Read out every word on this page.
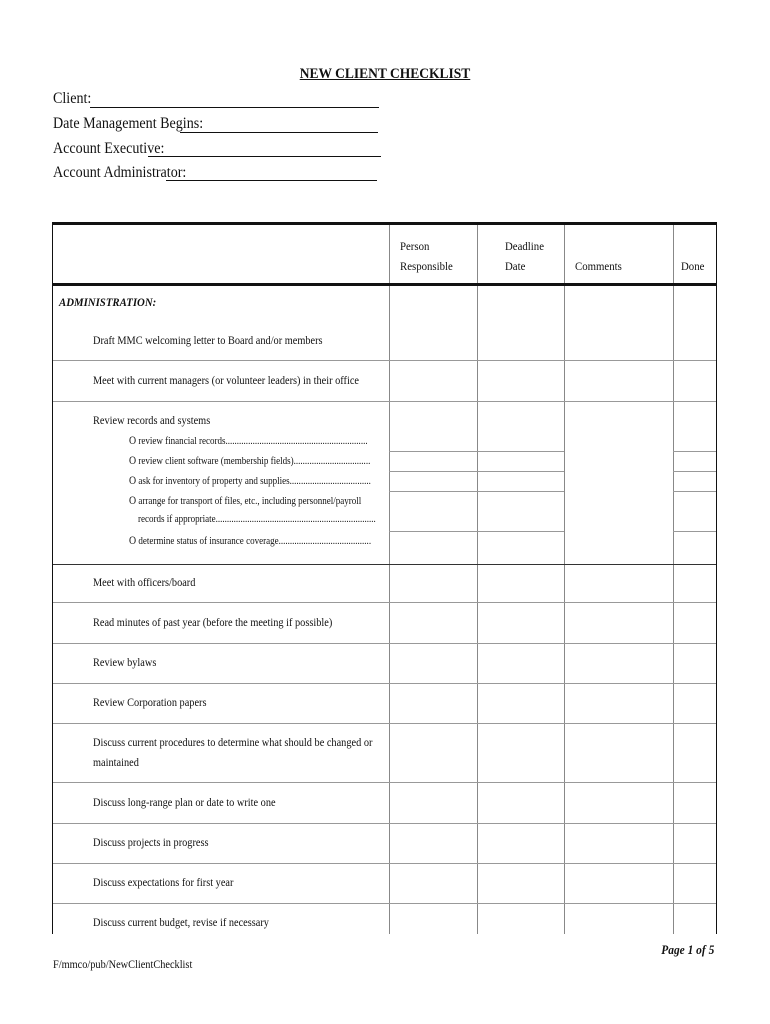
NEW CLIENT CHECKLIST
Client:
Date Management Begins:
Account Executive:
Account Administrator:
Person
Responsible
Deadline
Date	Comments	Done
ADMINISTRATION:
Draft MMC welcoming letter to Board and/or members
Meet with current managers (or volunteer leaders) in their office
Review records and systems
O review financial records...............................................................
O review client software (membership fields)..................................
O ask for inventory of property and supplies....................................
O arrange for transport of files, etc., including personnel/payroll
records if appropriate.......................................................................
O determine status of insurance coverage.........................................
Meet with officers/board
Read minutes of past year (before the meeting if possible)
Review bylaws
Review Corporation papers
Discuss current procedures to determine what should be changed or
maintained
Discuss long-range plan or date to write one
Discuss projects in progress
Discuss expectations for first year
Discuss current budget, revise if necessary
Page 1 of 5
F/mmco/pub/NewClientChecklist
